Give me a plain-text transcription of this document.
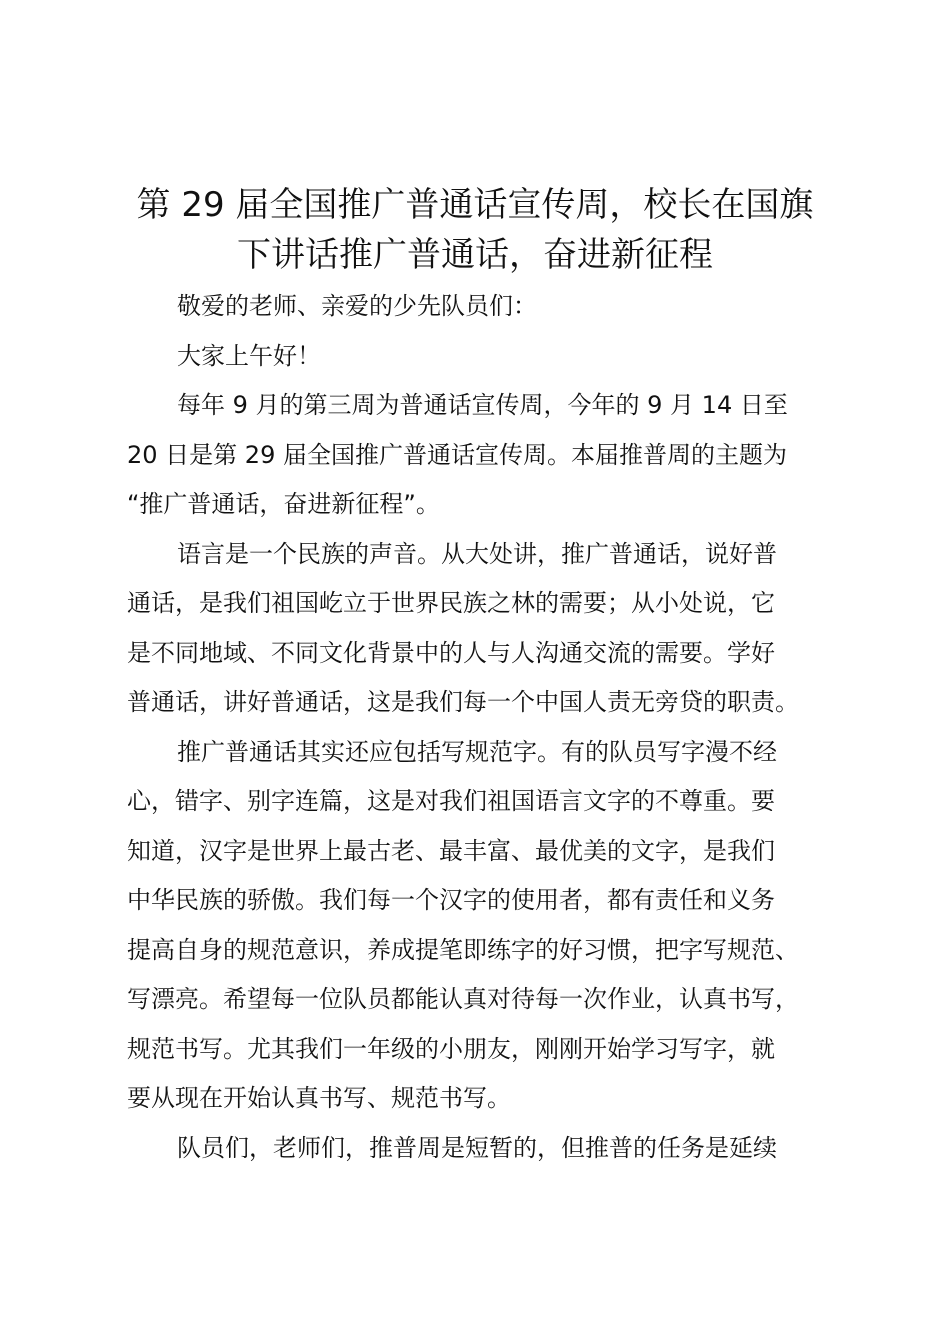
第 29 届全国推广普通话宣传周，校长在国旗
下讲话推广普通话，奋进新征程

敬爱的老师、亲爱的少先队员们：

大家上午好！

每年 9 月的第三周为普通话宣传周，今年的 9 月 14 日至
20 日是第 29 届全国推广普通话宣传周。本届推普周的主题为
“推广普通话，奋进新征程”。

语言是一个民族的声音。从大处讲，推广普通话，说好普
通话，是我们祖国屹立于世界民族之林的需要；从小处说，它
是不同地域、不同文化背景中的人与人沟通交流的需要。学好
普通话，讲好普通话，这是我们每一个中国人责无旁贷的职责。

推广普通话其实还应包括写规范字。有的队员写字漫不经
心，错字、别字连篇，这是对我们祖国语言文字的不尊重。要
知道，汉字是世界上最古老、最丰富、最优美的文字，是我们
中华民族的骄傲。我们每一个汉字的使用者，都有责任和义务
提高自身的规范意识，养成提笔即练字的好习惯，把字写规范、
写漂亮。希望每一位队员都能认真对待每一次作业，认真书写，
规范书写。尤其我们一年级的小朋友，刚刚开始学习写字，就
要从现在开始认真书写、规范书写。

队员们，老师们，推普周是短暂的，但推普的任务是延续
